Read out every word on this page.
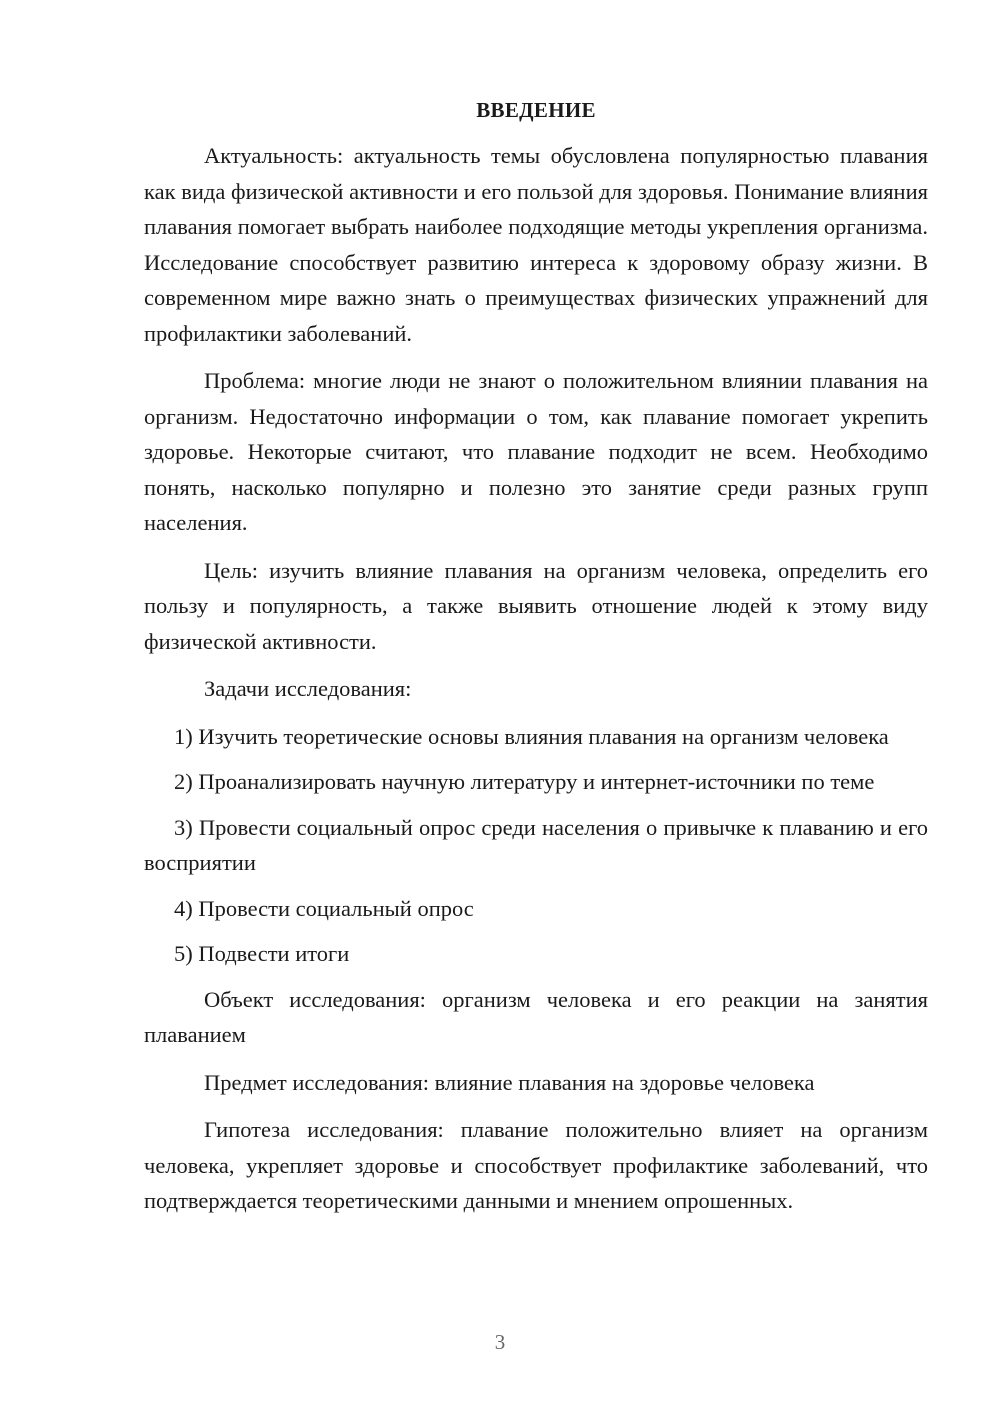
ВВЕДЕНИЕ

Актуальность: актуальность темы обусловлена популярностью плавания как вида физической активности и его пользой для здоровья. Понимание влияния плавания помогает выбрать наиболее подходящие методы укрепления организма. Исследование способствует развитию интереса к здоровому образу жизни. В современном мире важно знать о преимуществах физических упражнений для профилактики заболеваний.

Проблема: многие люди не знают о положительном влиянии плавания на организм. Недостаточно информации о том, как плавание помогает укрепить здоровье. Некоторые считают, что плавание подходит не всем. Необходимо понять, насколько популярно и полезно это занятие среди разных групп населения.

Цель: изучить влияние плавания на организм человека, определить его пользу и популярность, а также выявить отношение людей к этому виду физической активности.

Задачи исследования:

1) Изучить теоретические основы влияния плавания на организм человека

2) Проанализировать научную литературу и интернет-источники по теме

3) Провести социальный опрос среди населения о привычке к плаванию и его восприятии

4) Провести социальный опрос

5) Подвести итоги

Объект исследования: организм человека и его реакции на занятия плаванием

Предмет исследования: влияние плавания на здоровье человека

Гипотеза исследования: плавание положительно влияет на организм человека, укрепляет здоровье и способствует профилактике заболеваний, что подтверждается теоретическими данными и мнением опрошенных.

3
